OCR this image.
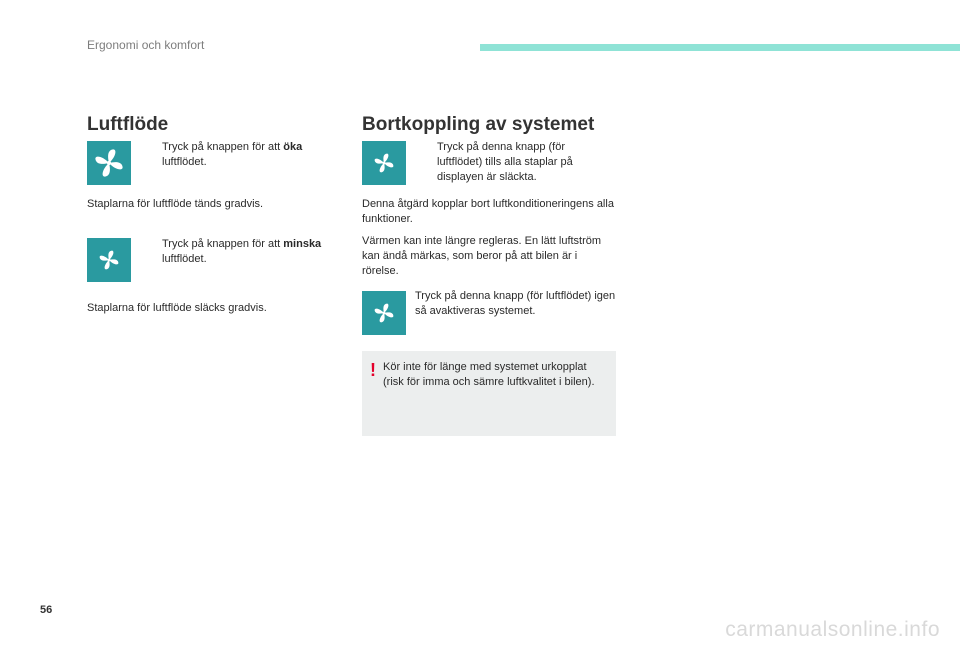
Ergonomi och komfort
Luftflöde
Tryck på knappen för att öka
luftflödet.
Staplarna för luftflöde tänds gradvis.
Tryck på knappen för att minska
luftflödet.
Staplarna för luftflöde släcks gradvis.
Bortkoppling av systemet
Tryck på denna knapp (för luftflödet) tills alla staplar på displayen är släckta.
Denna åtgärd kopplar bort luftkonditioneringens alla funktioner.
Värmen kan inte längre regleras. En lätt luftström kan ändå märkas, som beror på att bilen är i rörelse.
Tryck på denna knapp (för luftflödet) igen så avaktiveras systemet.
! Kör inte för länge med systemet urkopplat (risk för imma och sämre luftkvalitet i bilen).
56
carmanualsonline.info
